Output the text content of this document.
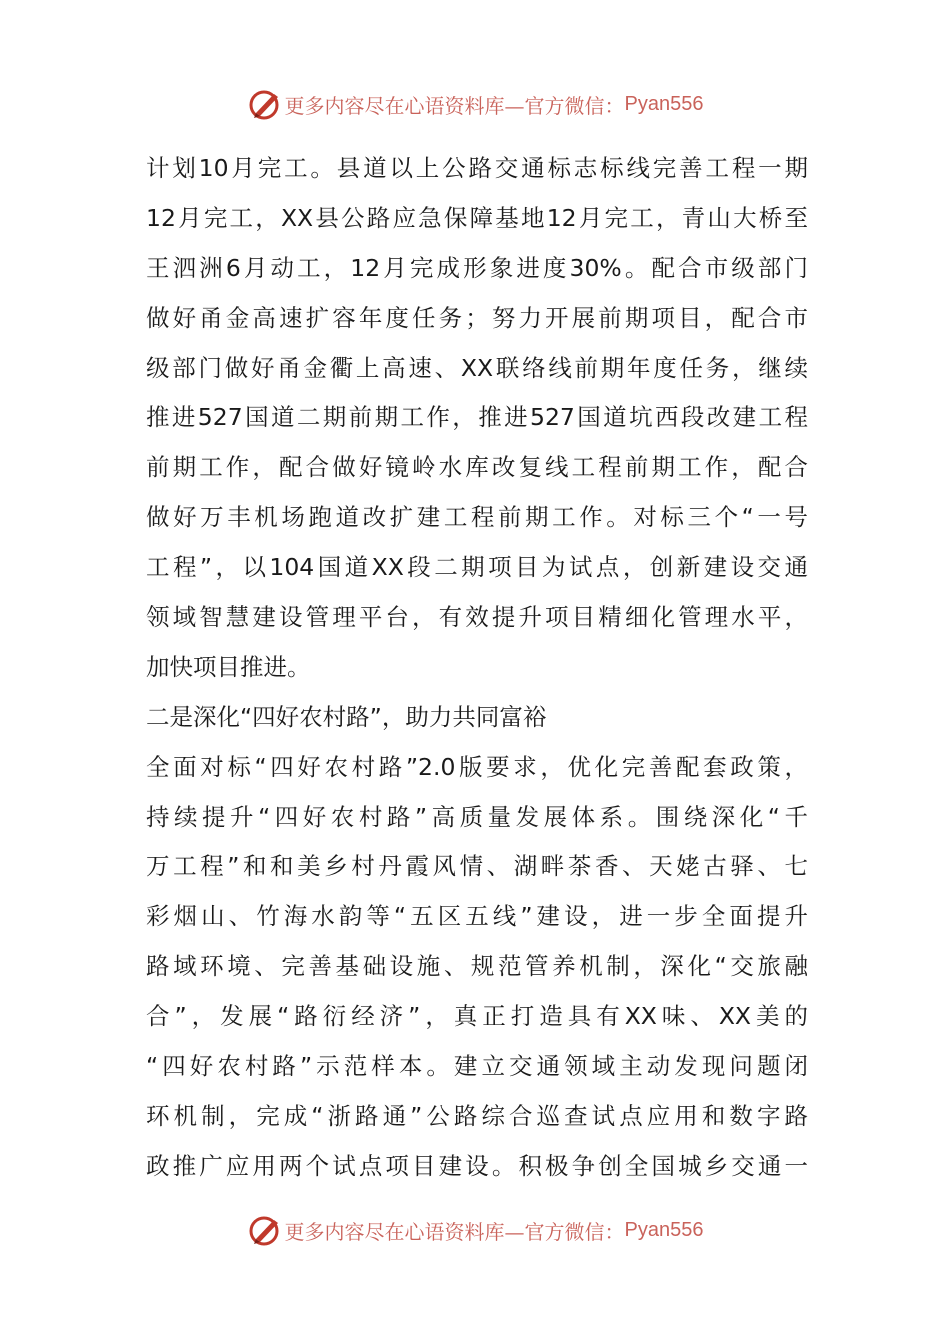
更多内容尽在心语资料库—官方微信： Pyan556
计划10月完工。县道以上公路交通标志标线完善工程一期
12月完工，XX县公路应急保障基地12月完工，青山大桥至
王泗洲6月动工，12月完成形象进度30%。配合市级部门
做好甬金高速扩容年度任务；努力开展前期项目，配合市
级部门做好甬金衢上高速、XX联络线前期年度任务，继续
推进527国道二期前期工作，推进527国道坑西段改建工程
前期工作，配合做好镜岭水库改复线工程前期工作，配合
做好万丰机场跑道改扩建工程前期工作。对标三个“一号
工程”，以104国道XX段二期项目为试点，创新建设交通
领域智慧建设管理平台，有效提升项目精细化管理水平，
加快项目推进。
二是深化“四好农村路”，助力共同富裕
全面对标“四好农村路”2.0版要求，优化完善配套政策，
持续提升“四好农村路”高质量发展体系。围绕深化“千
万工程”和和美乡村丹霞风情、湖畔茶香、天姥古驿、七
彩烟山、竹海水韵等“五区五线”建设，进一步全面提升
路域环境、完善基础设施、规范管养机制，深化“交旅融
合”，发展“路衍经济”，真正打造具有XX味、XX美的
“四好农村路”示范样本。建立交通领域主动发现问题闭
环机制，完成“浙路通”公路综合巡查试点应用和数字路
政推广应用两个试点项目建设。积极争创全国城乡交通一
更多内容尽在心语资料库—官方微信： Pyan556
